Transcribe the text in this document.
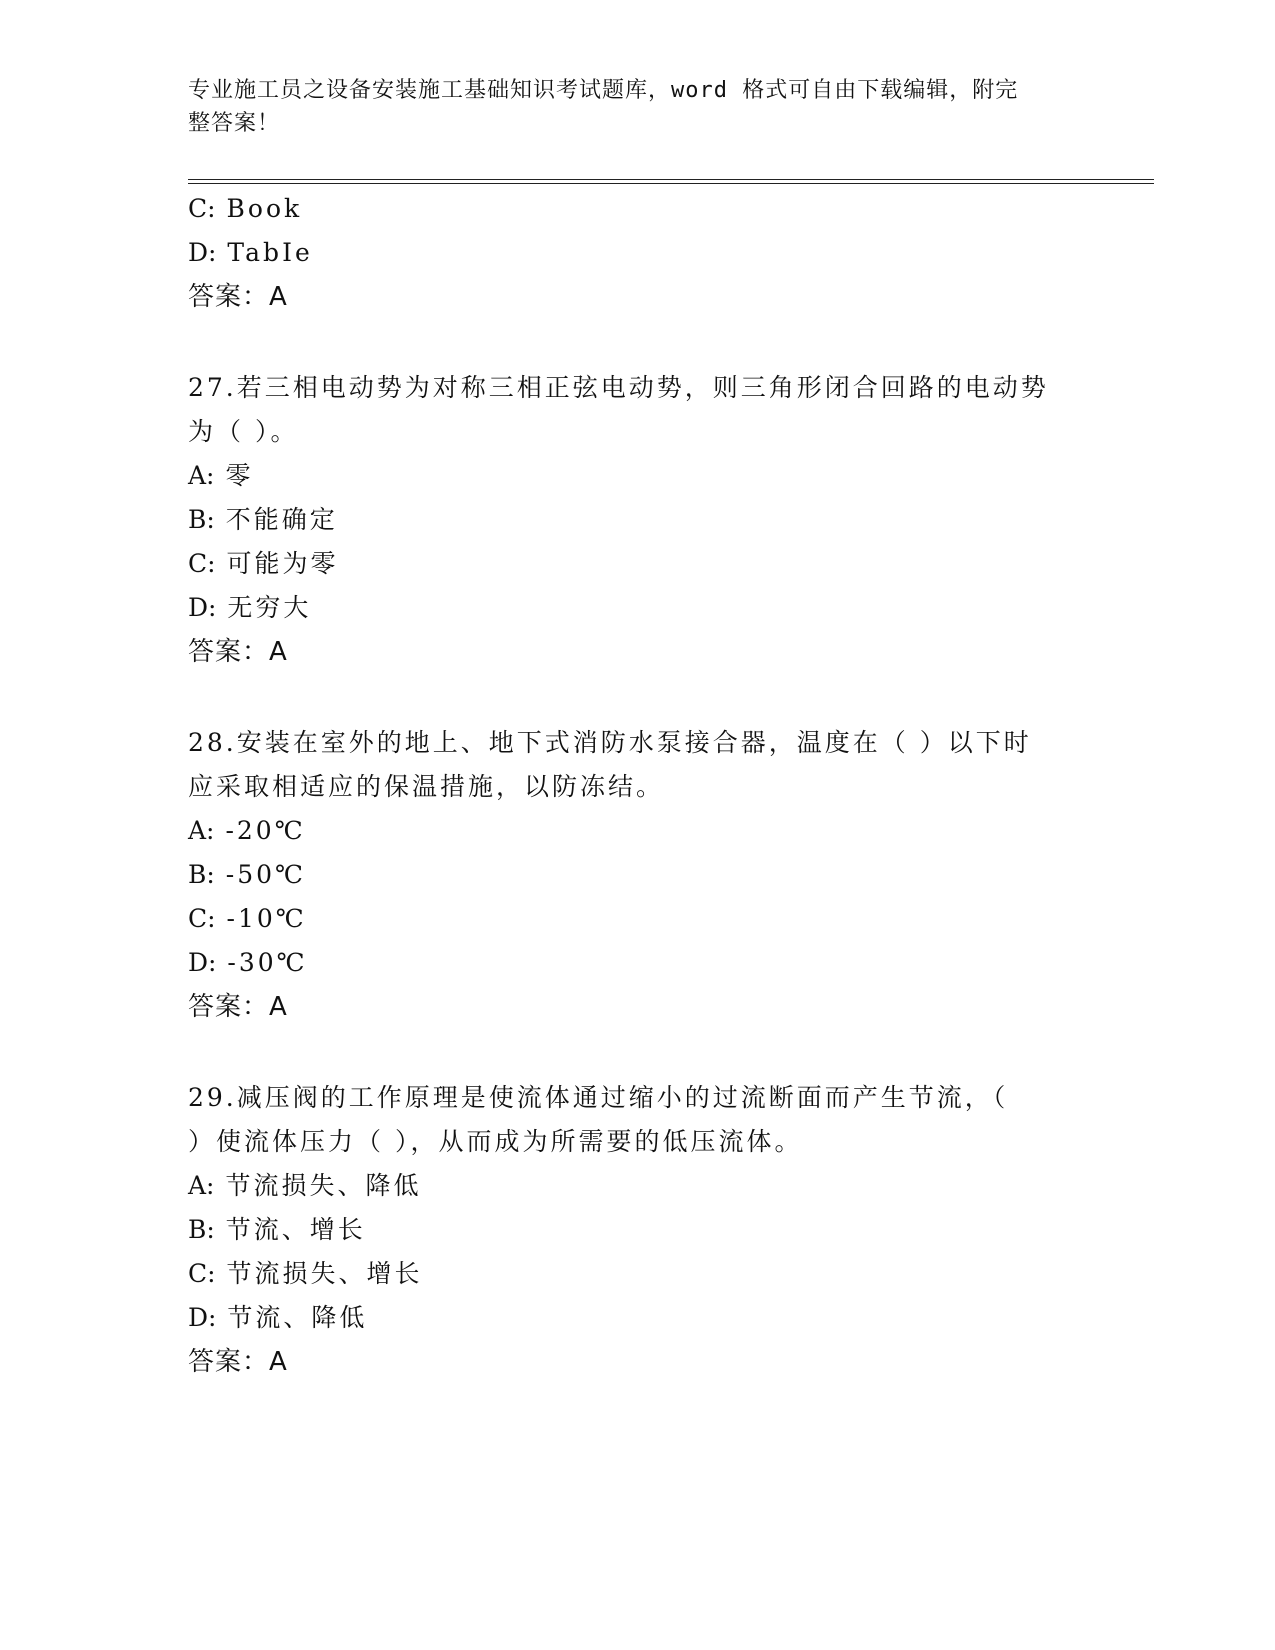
专业施工员之设备安装施工基础知识考试题库，word 格式可自由下载编辑，附完
整答案！
C: Book
D: TabIe
答案：A
27.若三相电动势为对称三相正弦电动势，则三角形闭合回路的电动势
为（ ）。
A: 零
B: 不能确定
C: 可能为零
D: 无穷大
答案：A
28.安装在室外的地上、地下式消防水泵接合器，温度在（ ）以下时
应采取相适应的保温措施，以防冻结。
A: -20℃
B: -50℃
C: -10℃
D: -30℃
答案：A
29.减压阀的工作原理是使流体通过缩小的过流断面而产生节流，（
）使流体压力（ ），从而成为所需要的低压流体。
A: 节流损失、降低
B: 节流、增长
C: 节流损失、增长
D: 节流、降低
答案：A
